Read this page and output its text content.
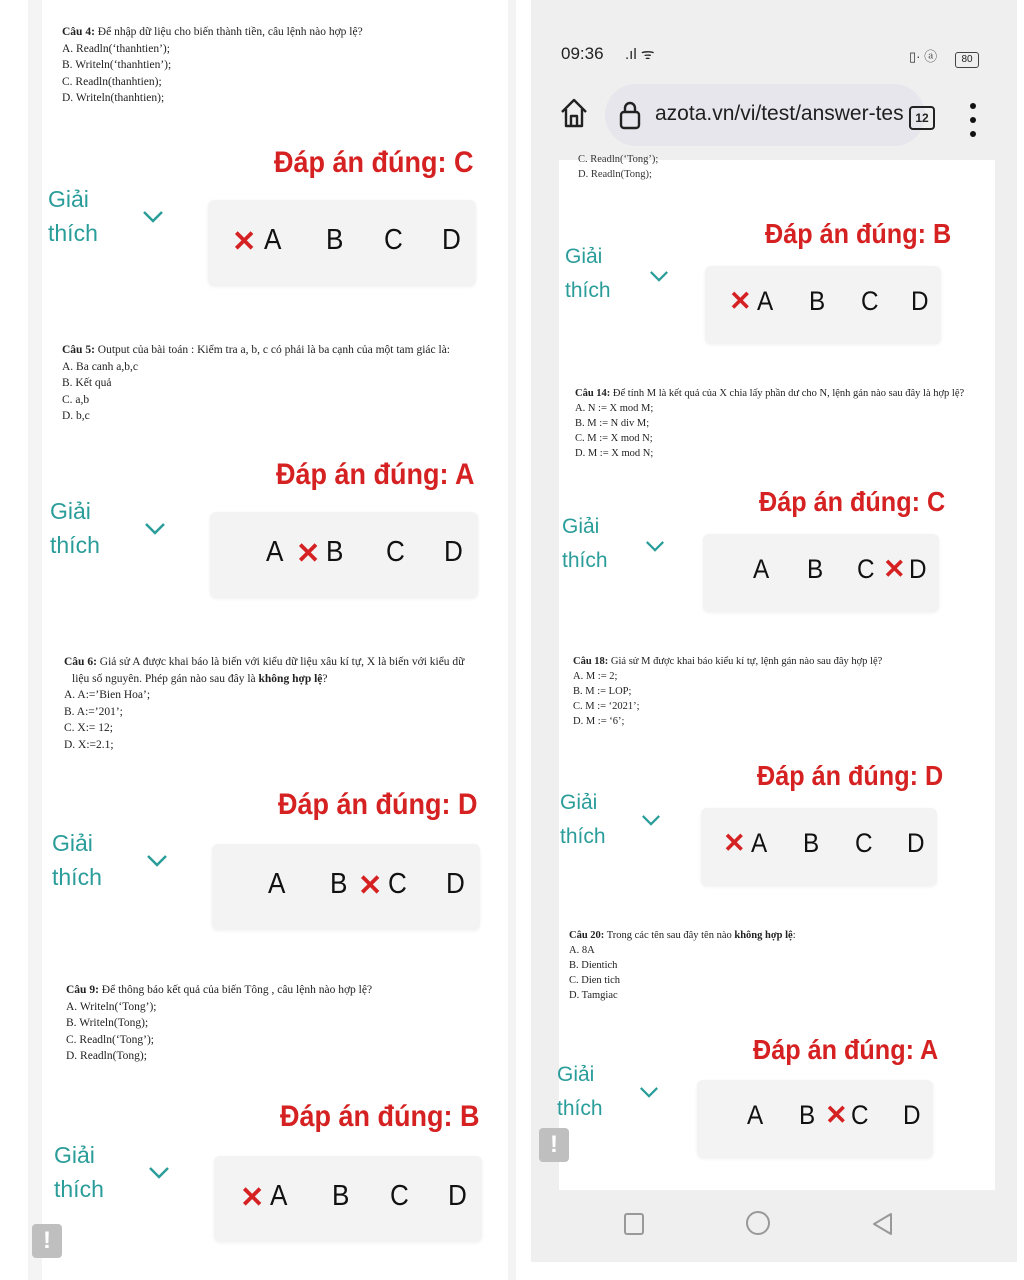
Câu 4: Để nhập dữ liệu cho biến thành tiền, câu lệnh nào hợp lệ?
A. Readln(‘thanhtien’);
B. Writeln(‘thanhtien’);
C. Readln(thanhtien);
D. Writeln(thanhtien);
Đáp án đúng: C
Giải
thích	✕ A B C D
Câu 5: Output của bài toán : Kiểm tra a, b, c có phải là ba cạnh của một tam giác là:
A. Ba canh a,b,c
B. Kết quả
C. a,b
D. b,c
Đáp án đúng: A
Giải
thích	A ✕ B C D
Câu 6: Giả sử A được khai báo là biến với kiểu dữ liệu xâu kí tự, X là biến với kiểu dữ
liệu số nguyên. Phép gán nào sau đây là không hợp lệ?
A. A:=’Bien Hoa’;
B. A:=’201’;
C. X:= 12;
D. X:=2.1;
Đáp án đúng: D
Giải
thích	A B ✕ C D
Câu 9: Để thông báo kết quả của biến Tông , câu lệnh nào hợp lệ?
A. Writeln(‘Tong’);
B. Writeln(Tong);
C. Readln(‘Tong’);
D. Readln(Tong);
Đáp án đúng: B
Giải
thích	✕ A B C D
!
09:36 .ıl ᯤ	▯· ⓐ	80
azota.vn/vi/test/answer-tes 12
C. Readln(‘Tong’);
D. Readln(Tong);
Đáp án đúng: B
Giải
thích	✕ A B C D
Câu 14: Để tính M là kết quả của X chia lấy phần dư cho N, lệnh gán nào sau đây là hợp lệ?
A. N := X mod M;
B. M := N div M;
C. M := X mod N;
D. M := X mod N;
Đáp án đúng: C
Giải
thích	A B C ✕ D
Câu 18: Giả sử M được khai báo kiểu kí tự, lệnh gán nào sau đây hợp lệ?
A. M := 2;
B. M := LOP;
C. M := ‘2021’;
D. M := ‘6’;
Đáp án đúng: D
Giải
thích	✕ A B C D
Câu 20: Trong các tên sau đây tên nào không hợp lệ:
A. 8A
B. Dientich
C. Dien tich
D. Tamgiac
Đáp án đúng: A
Giải
thích	A B ✕ C D
!
